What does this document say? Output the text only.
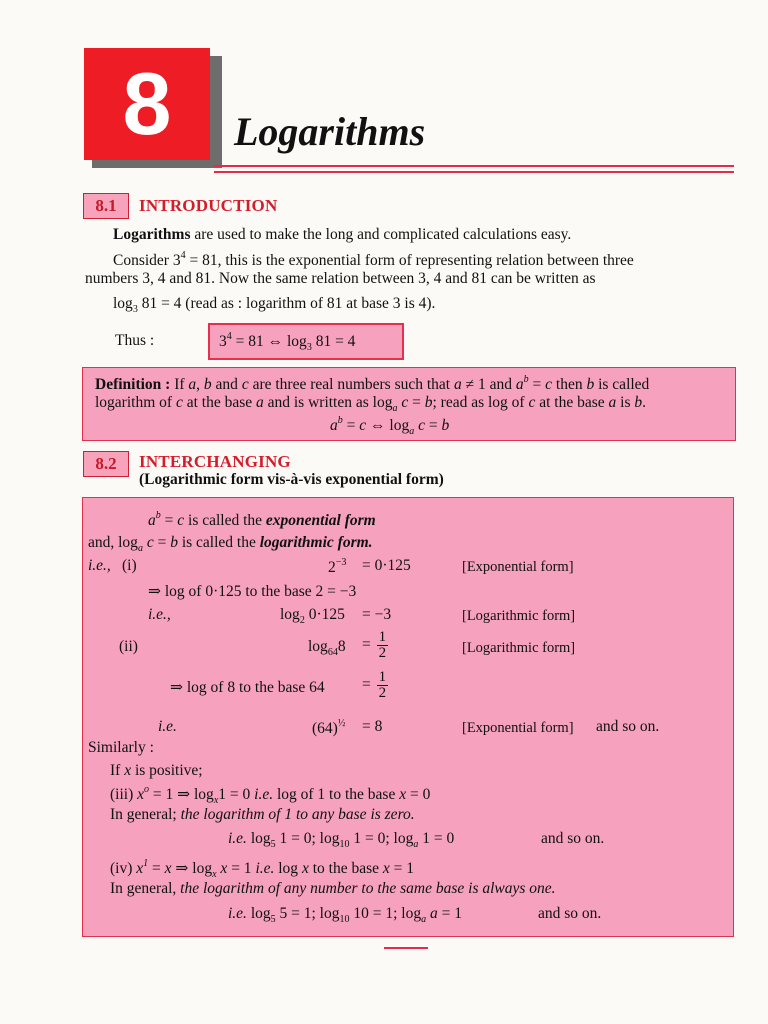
8 Logarithms
8.1	INTRODUCTION
Logarithms are used to make the long and complicated calculations easy.
Consider $3^4 = 81$, this is the exponential form of representing relation between three
numbers 3, 4 and 81. Now the same relation between 3, 4 and 81 can be written as
$\log_3 81 = 4$ (read as : logarithm of 81 at base 3 is 4).
Thus :	$3^4 = 81$ ⇔ $\log_3 81 = 4$
Definition : If a, b and c are three real numbers such that a ≠ 1 and $a^b = c$ then b is called
logarithm of c at the base a and is written as $\log_a c = b$; read as log of c at the base a is b.
$a^b = c$ ⇔ $\log_a c = b$
8.2	INTERCHANGING
(Logarithmic form vis-à-vis exponential form)
$a^b = c$ is called the exponential form
and, $\log_a c = b$ is called the logarithmic form.
i.e., (i)	$2^{-3} = 0\cdot 125$	[Exponential form]
⇒ log of 0·125 to the base 2 = −3
i.e.,	$\log_2 0\cdot 125 = -3$	[Logarithmic form]
(ii)	$\log_{64}8 = \frac{1}{2}$	[Logarithmic form]
⇒ log of 8 to the base $64 = \frac{1}{2}$
i.e.	$(64)^{\frac{1}{2}} = 8$	[Exponential form] and so on.
Similarly :
If x is positive;
(iii) $x^o = 1$ ⇒ $\log_x1 = 0$ i.e. log of 1 to the base x = 0
In general; the logarithm of 1 to any base is zero.
i.e. $\log_5 1 = 0$; $\log_{10} 1 = 0$; $\log_a 1 = 0$	and so on.
(iv) $x^1 = x$ ⇒ $\log_x x = 1$ i.e. log x to the base x = 1
In general, the logarithm of any number to the same base is always one.
i.e. $\log_5 5 = 1$; $\log_{10} 10 = 1$; $\log_a a = 1$	and so on.
